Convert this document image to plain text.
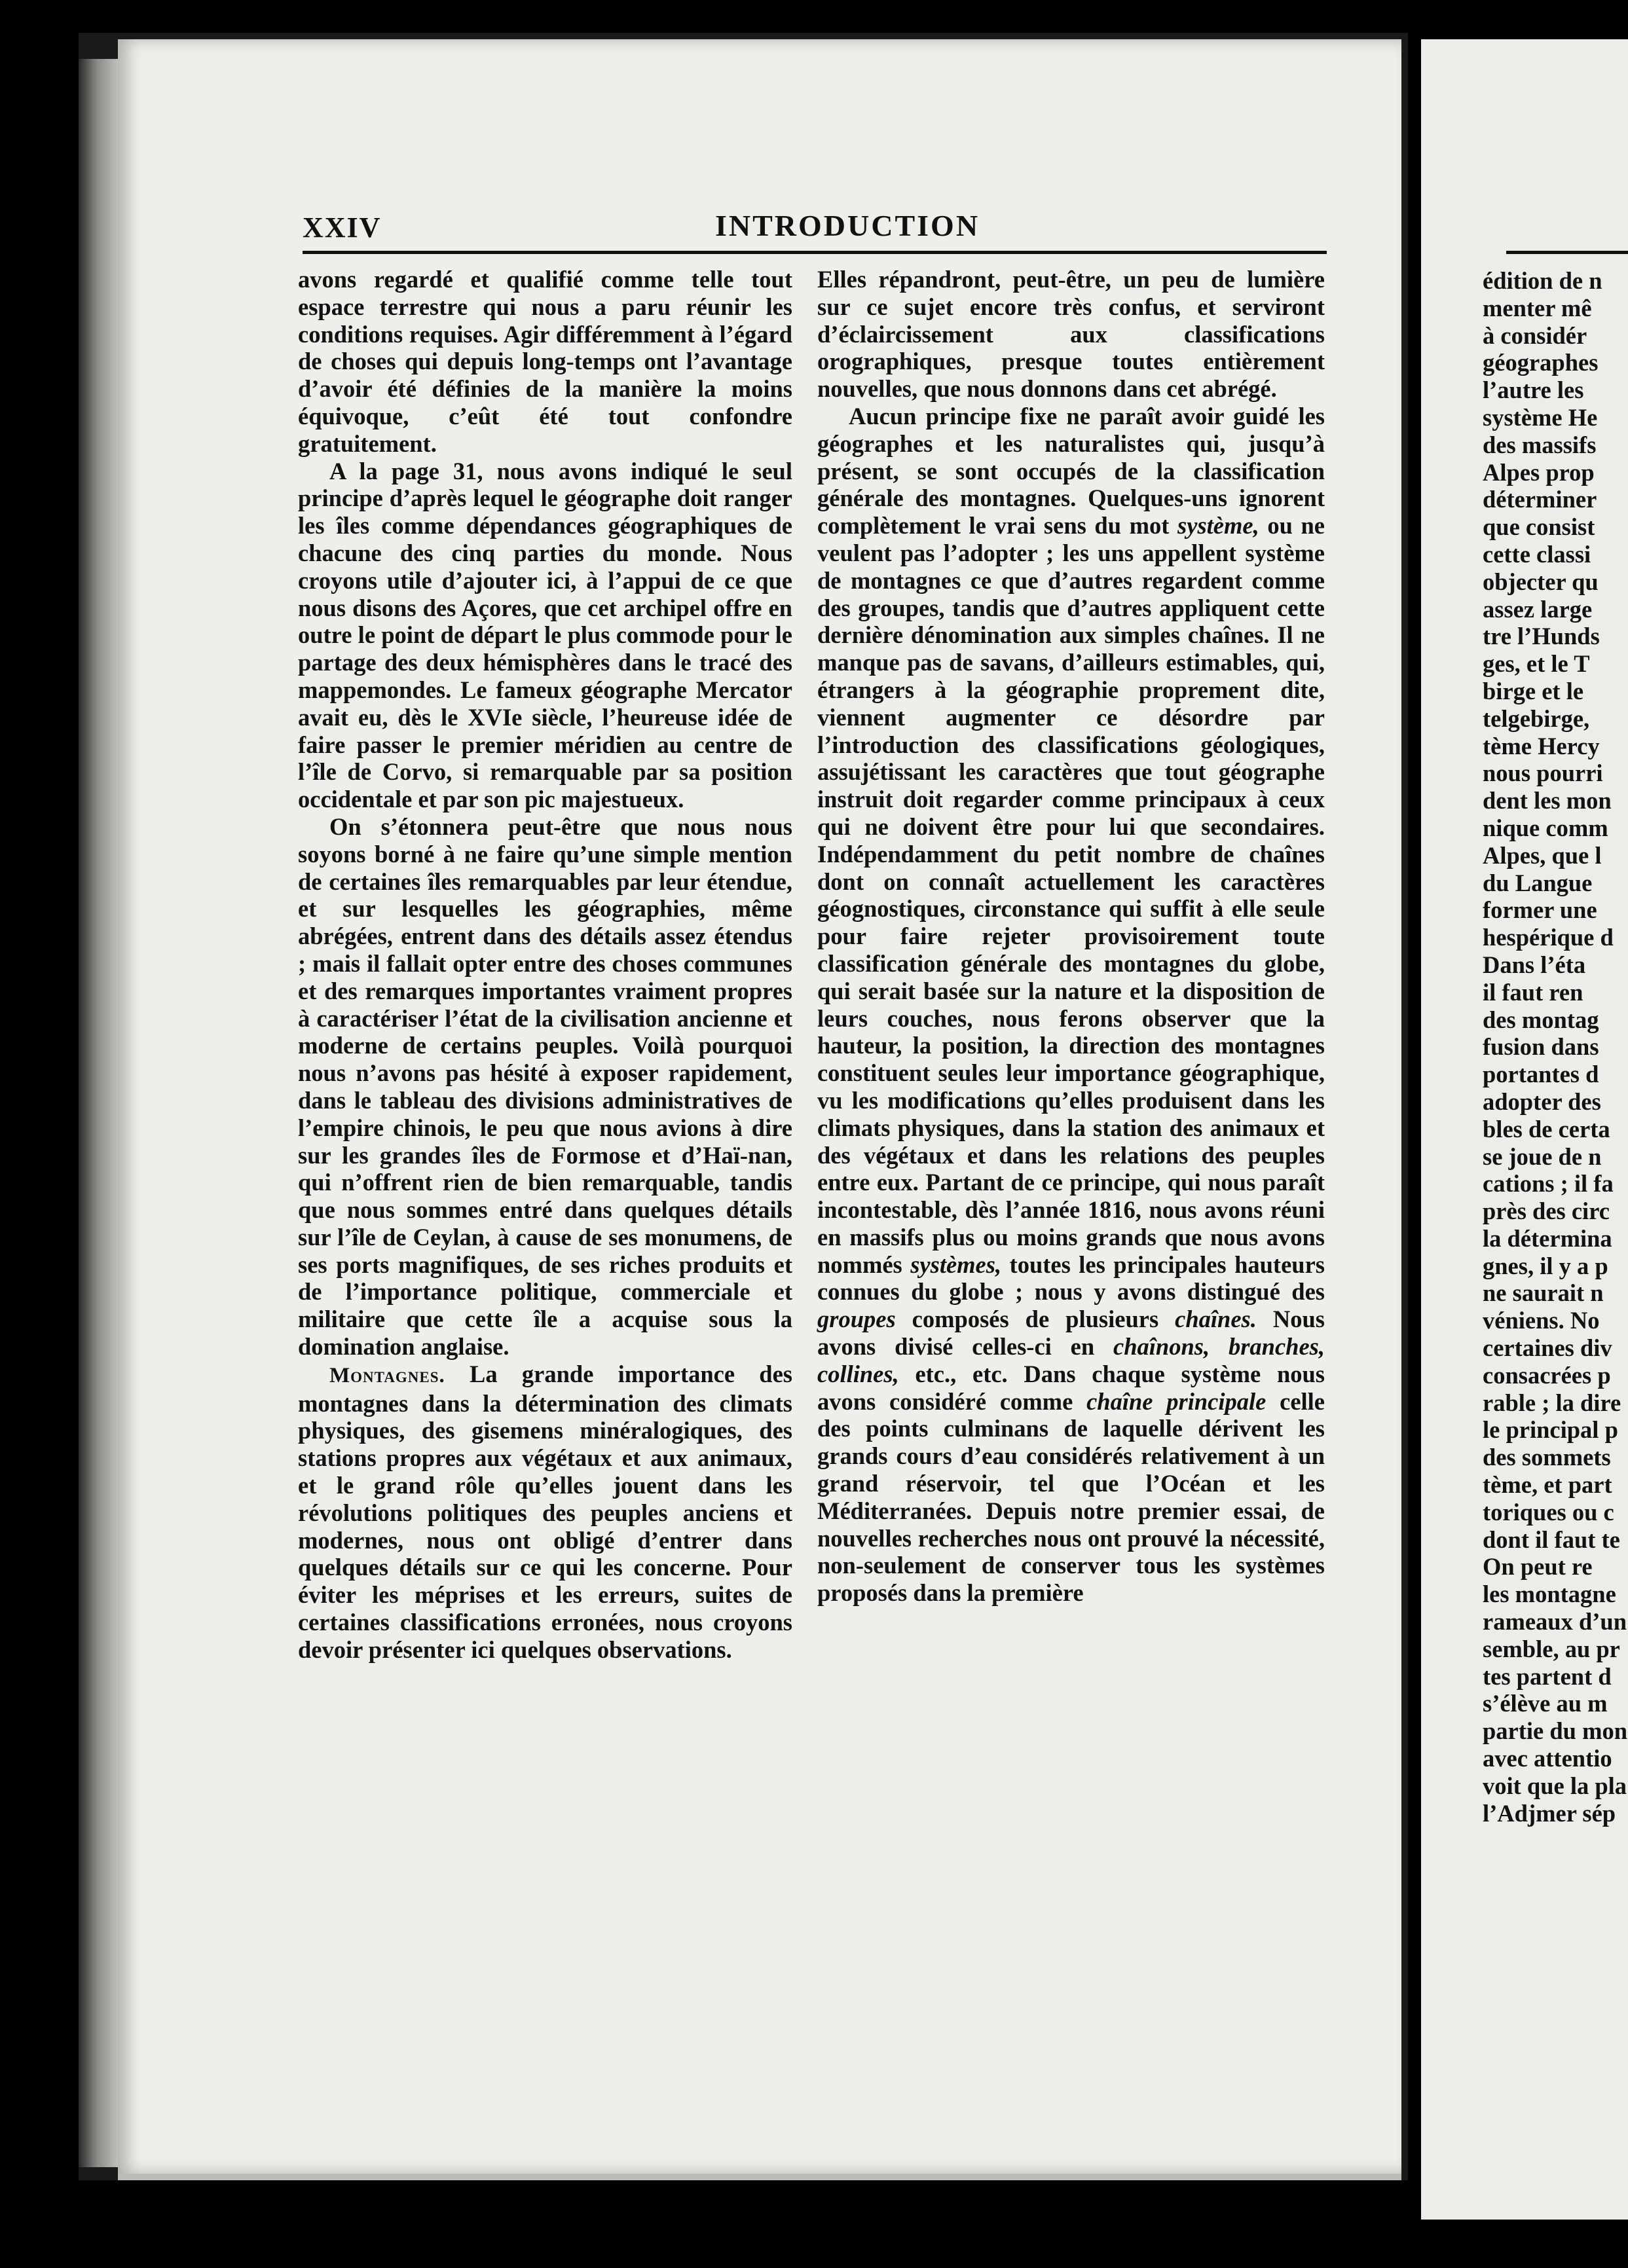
XXIV	INTRODUCTION

avons regardé et qualifié comme telle tout espace terrestre qui nous a paru réunir les conditions requises. Agir différemment à l’égard de choses qui depuis long-temps ont l’avantage d’avoir été définies de la manière la moins équivoque, c’eût été tout confondre gratuitement.

A la page 31, nous avons indiqué le seul principe d’après lequel le géographe doit ranger les îles comme dépendances géographiques de chacune des cinq parties du monde. Nous croyons utile d’ajouter ici, à l’appui de ce que nous disons des Açores, que cet archipel offre en outre le point de départ le plus commode pour le partage des deux hémisphères dans le tracé des mappemondes. Le fameux géographe Mercator avait eu, dès le XVIe siècle, l’heureuse idée de faire passer le premier méridien au centre de l’île de Corvo, si remarquable par sa position occidentale et par son pic majestueux.

On s’étonnera peut-être que nous nous soyons borné à ne faire qu’une simple mention de certaines îles remarquables par leur étendue, et sur lesquelles les géographies, même abrégées, entrent dans des détails assez étendus ; mais il fallait opter entre des choses communes et des remarques importantes vraiment propres à caractériser l’état de la civilisation ancienne et moderne de certains peuples. Voilà pourquoi nous n’avons pas hésité à exposer rapidement, dans le tableau des divisions administratives de l’empire chinois, le peu que nous avions à dire sur les grandes îles de Formose et d’Haï-nan, qui n’offrent rien de bien remarquable, tandis que nous sommes entré dans quelques détails sur l’île de Ceylan, à cause de ses monumens, de ses ports magnifiques, de ses riches produits et de l’importance politique, commerciale et militaire que cette île a acquise sous la domination anglaise.

Montagnes. La grande importance des montagnes dans la détermination des climats physiques, des gisemens minéralogiques, des stations propres aux végétaux et aux animaux, et le grand rôle qu’elles jouent dans les révolutions politiques des peuples anciens et modernes, nous ont obligé d’entrer dans quelques détails sur ce qui les concerne. Pour éviter les méprises et les erreurs, suites de certaines classifications erronées, nous croyons devoir présenter ici quelques observations.

Elles répandront, peut-être, un peu de lumière sur ce sujet encore très confus, et serviront d’éclaircissement aux classifications orographiques, presque toutes entièrement nouvelles, que nous donnons dans cet abrégé.

Aucun principe fixe ne paraît avoir guidé les géographes et les naturalistes qui, jusqu’à présent, se sont occupés de la classification générale des montagnes. Quelques-uns ignorent complètement le vrai sens du mot système, ou ne veulent pas l’adopter ; les uns appellent système de montagnes ce que d’autres regardent comme des groupes, tandis que d’autres appliquent cette dernière dénomination aux simples chaînes. Il ne manque pas de savans, d’ailleurs estimables, qui, étrangers à la géographie proprement dite, viennent augmenter ce désordre par l’introduction des classifications géologiques, assujétissant les caractères que tout géographe instruit doit regarder comme principaux à ceux qui ne doivent être pour lui que secondaires. Indépendamment du petit nombre de chaînes dont on connaît actuellement les caractères géognostiques, circonstance qui suffit à elle seule pour faire rejeter provisoirement toute classification générale des montagnes du globe, qui serait basée sur la nature et la disposition de leurs couches, nous ferons observer que la hauteur, la position, la direction des montagnes constituent seules leur importance géographique, vu les modifications qu’elles produisent dans les climats physiques, dans la station des animaux et des végétaux et dans les relations des peuples entre eux. Partant de ce principe, qui nous paraît incontestable, dès l’année 1816, nous avons réuni en massifs plus ou moins grands que nous avons nommés systèmes, toutes les principales hauteurs connues du globe ; nous y avons distingué des groupes composés de plusieurs chaînes. Nous avons divisé celles-ci en chaînons, branches, collines, etc., etc. Dans chaque système nous avons considéré comme chaîne principale celle des points culminans de laquelle dérivent les grands cours d’eau considérés relativement à un grand réservoir, tel que l’Océan et les Méditerranées. Depuis notre premier essai, de nouvelles recherches nous ont prouvé la nécessité, non-seulement de conserver tous les systèmes proposés dans la première

édition de n
menter mê
à considér
géographes
l’autre les
système He
des massifs
Alpes prop
déterminer
que consist
cette classi
objecter qu
assez large
tre l’Hunds
ges, et le T
birge et le
telgebirge,
tème Hercy
nous pourri
dent les mon
nique comm
Alpes, que l
du Langue
former une
hespérique d
Dans l’éta
il faut ren
des montag
fusion dans
portantes d
adopter des
bles de certa
se joue de n
cations ; il fa
près des circ
la détermina
gnes, il y a p
ne saurait n
véniens. No
certaines div
consacrées p
rable ; la dire
le principal p
des sommets
tème, et part
toriques ou c
dont il faut te
On peut re
les montagne
rameaux d’un
semble, au pr
tes partent d
s’élève au m
partie du mon
avec attentio
voit que la pla
l’Adjmer sép
